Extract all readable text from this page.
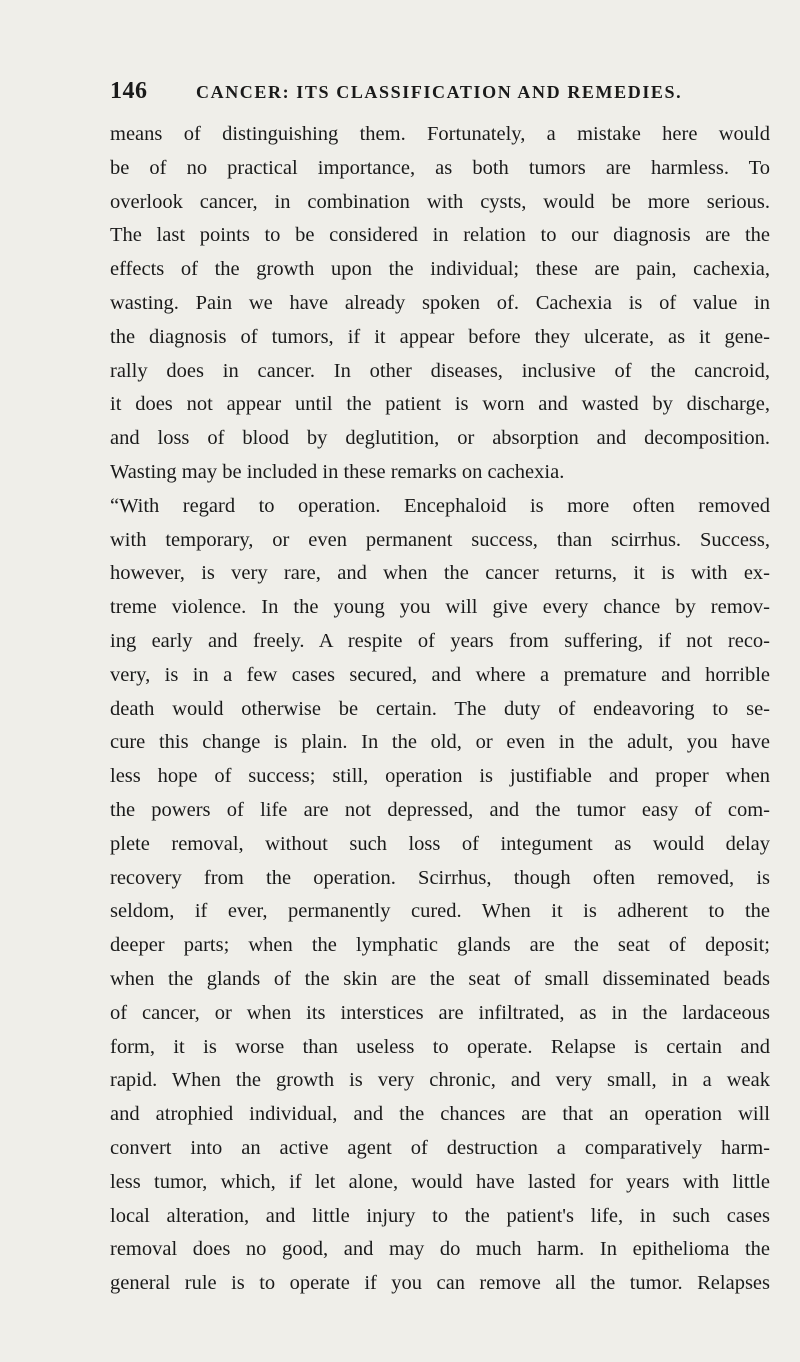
146	CANCER: ITS CLASSIFICATION AND REMEDIES.
means of distinguishing them. Fortunately, a mistake here would
be of no practical importance, as both tumors are harmless. To
overlook cancer, in combination with cysts, would be more serious.
The last points to be considered in relation to our diagnosis are the
effects of the growth upon the individual; these are pain, cachexia,
wasting. Pain we have already spoken of. Cachexia is of value in
the diagnosis of tumors, if it appear before they ulcerate, as it gene-
rally does in cancer. In other diseases, inclusive of the cancroid,
it does not appear until the patient is worn and wasted by discharge,
and loss of blood by deglutition, or absorption and decomposition.
Wasting may be included in these remarks on cachexia.
“With regard to operation. Encephaloid is more often removed
with temporary, or even permanent success, than scirrhus. Success,
however, is very rare, and when the cancer returns, it is with ex-
treme violence. In the young you will give every chance by remov-
ing early and freely. A respite of years from suffering, if not reco-
very, is in a few cases secured, and where a premature and horrible
death would otherwise be certain. The duty of endeavoring to se-
cure this change is plain. In the old, or even in the adult, you have
less hope of success; still, operation is justifiable and proper when
the powers of life are not depressed, and the tumor easy of com-
plete removal, without such loss of integument as would delay
recovery from the operation. Scirrhus, though often removed, is
seldom, if ever, permanently cured. When it is adherent to the
deeper parts; when the lymphatic glands are the seat of deposit;
when the glands of the skin are the seat of small disseminated beads
of cancer, or when its interstices are infiltrated, as in the lardaceous
form, it is worse than useless to operate. Relapse is certain and
rapid. When the growth is very chronic, and very small, in a weak
and atrophied individual, and the chances are that an operation will
convert into an active agent of destruction a comparatively harm-
less tumor, which, if let alone, would have lasted for years with little
local alteration, and little injury to the patient's life, in such cases
removal does no good, and may do much harm. In epithelioma the
general rule is to operate if you can remove all the tumor. Relapses
